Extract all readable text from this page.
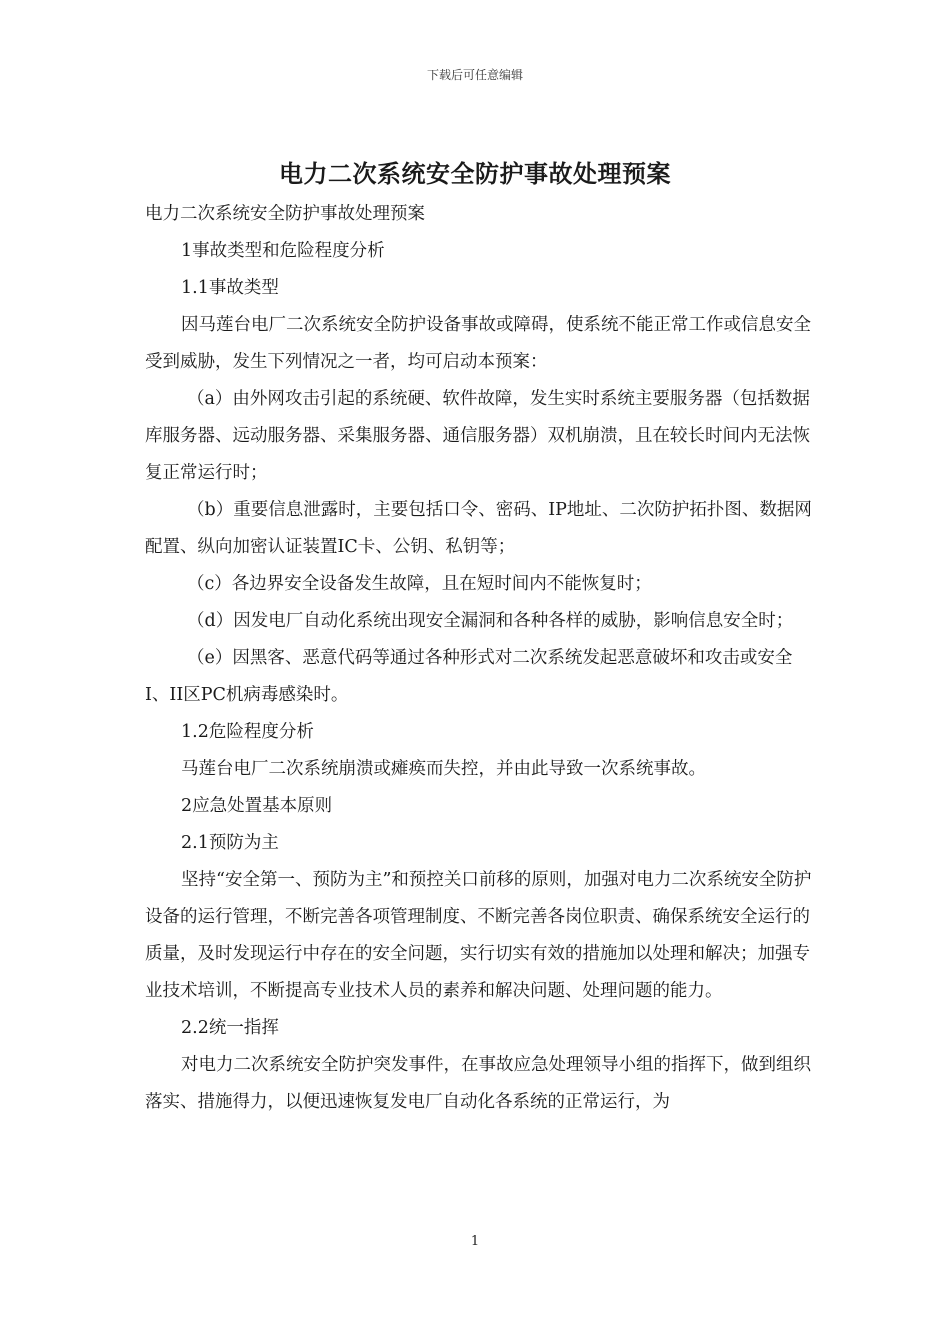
下载后可任意编辑
电力二次系统安全防护事故处理预案

电力二次系统安全防护事故处理预案

1事故类型和危险程度分析

1.1事故类型

因马莲台电厂二次系统安全防护设备事故或障碍，使系统不能正常工作或信息安全受到威胁，发生下列情况之一者，均可启动本预案：

（a）由外网攻击引起的系统硬、软件故障，发生实时系统主要服务器（包括数据库服务器、远动服务器、采集服务器、通信服务器）双机崩溃，且在较长时间内无法恢复正常运行时；

（b）重要信息泄露时，主要包括口令、密码、IP地址、二次防护拓扑图、数据网配置、纵向加密认证装置IC卡、公钥、私钥等；

（c）各边界安全设备发生故障，且在短时间内不能恢复时；

（d）因发电厂自动化系统出现安全漏洞和各种各样的威胁，影响信息安全时；

（e）因黑客、恶意代码等通过各种形式对二次系统发起恶意破坏和攻击或安全I、II区PC机病毒感染时。

1.2危险程度分析

马莲台电厂二次系统崩溃或瘫痪而失控，并由此导致一次系统事故。

2应急处置基本原则

2.1预防为主

坚持“安全第一、预防为主”和预控关口前移的原则，加强对电力二次系统安全防护设备的运行管理，不断完善各项管理制度、不断完善各岗位职责、确保系统安全运行的质量，及时发现运行中存在的安全问题，实行切实有效的措施加以处理和解决；加强专业技术培训，不断提高专业技术人员的素养和解决问题、处理问题的能力。

2.2统一指挥

对电力二次系统安全防护突发事件，在事故应急处理领导小组的指挥下，做到组织落实、措施得力，以便迅速恢复发电厂自动化各系统的正常运行，为

1
